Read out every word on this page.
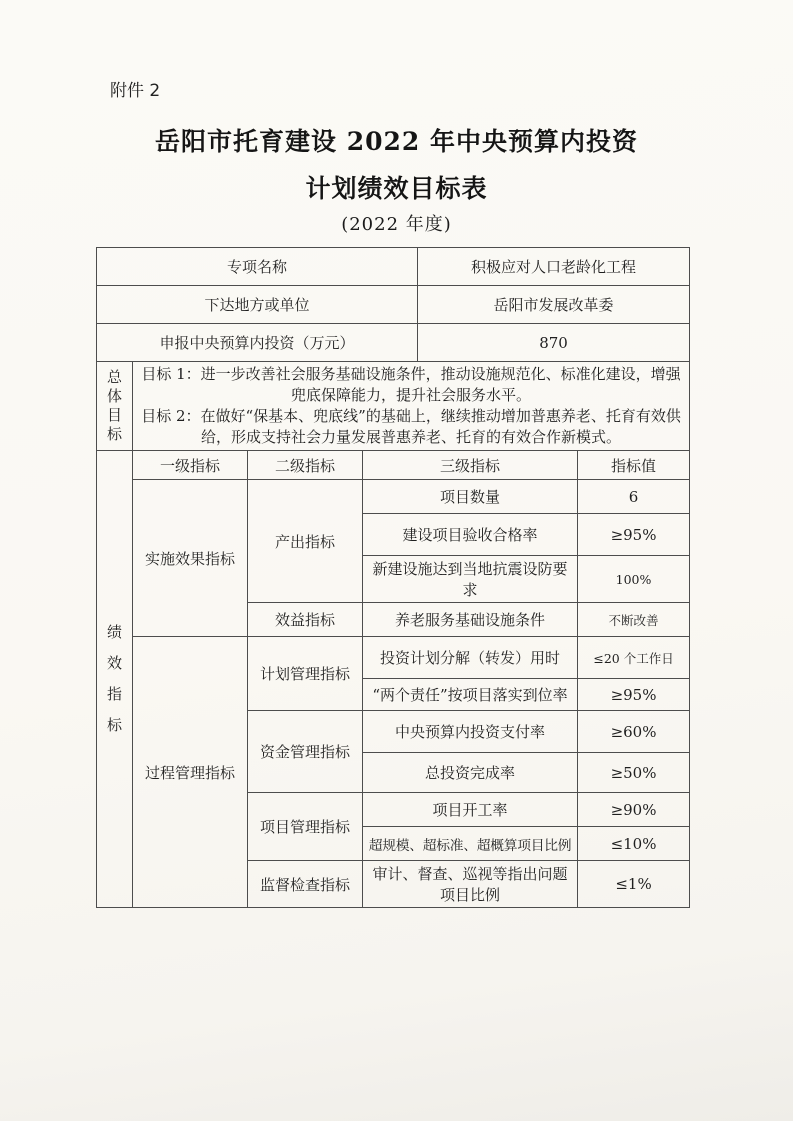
附件 2
岳阳市托育建设 2022 年中央预算内投资
计划绩效目标表
(2022 年度)
专项名称				积极应对人口老龄化工程	
下达地方或单位				岳阳市发展改革委	
申报中央预算内投资（万元）				870	

总体目标	目标 1：进一步改善社会服务基础设施条件，推动设施规范化、标准化建设，增强兜底保障能力，提升社会服务水平。

目标 2：在做好“保基本、兜底线”的基础上，继续推动增加普惠养老、托育有效供给，形成支持社会力量发展普惠养老、托育的有效合作新模式。				

绩效指标	一级指标	二级指标	三级指标		指标值
	实施效果指标	产出指标	项目数量		6
			建设项目验收合格率		≥95%
			新建设施达到当地抗震设防要求		100%
		效益指标	养老服务基础设施条件		不断改善
	过程管理指标	计划管理指标	投资计划分解（转发）用时		≤20 个工作日
			“两个责任”按项目落实到位率		≥95%
		资金管理指标	中央预算内投资支付率		≥60%
			总投资完成率		≥50%
		项目管理指标	项目开工率		≥90%
			超规模、超标准、超概算项目比例		≤10%
		监督检查指标	审计、督查、巡视等指出问题项目比例		≤1%
